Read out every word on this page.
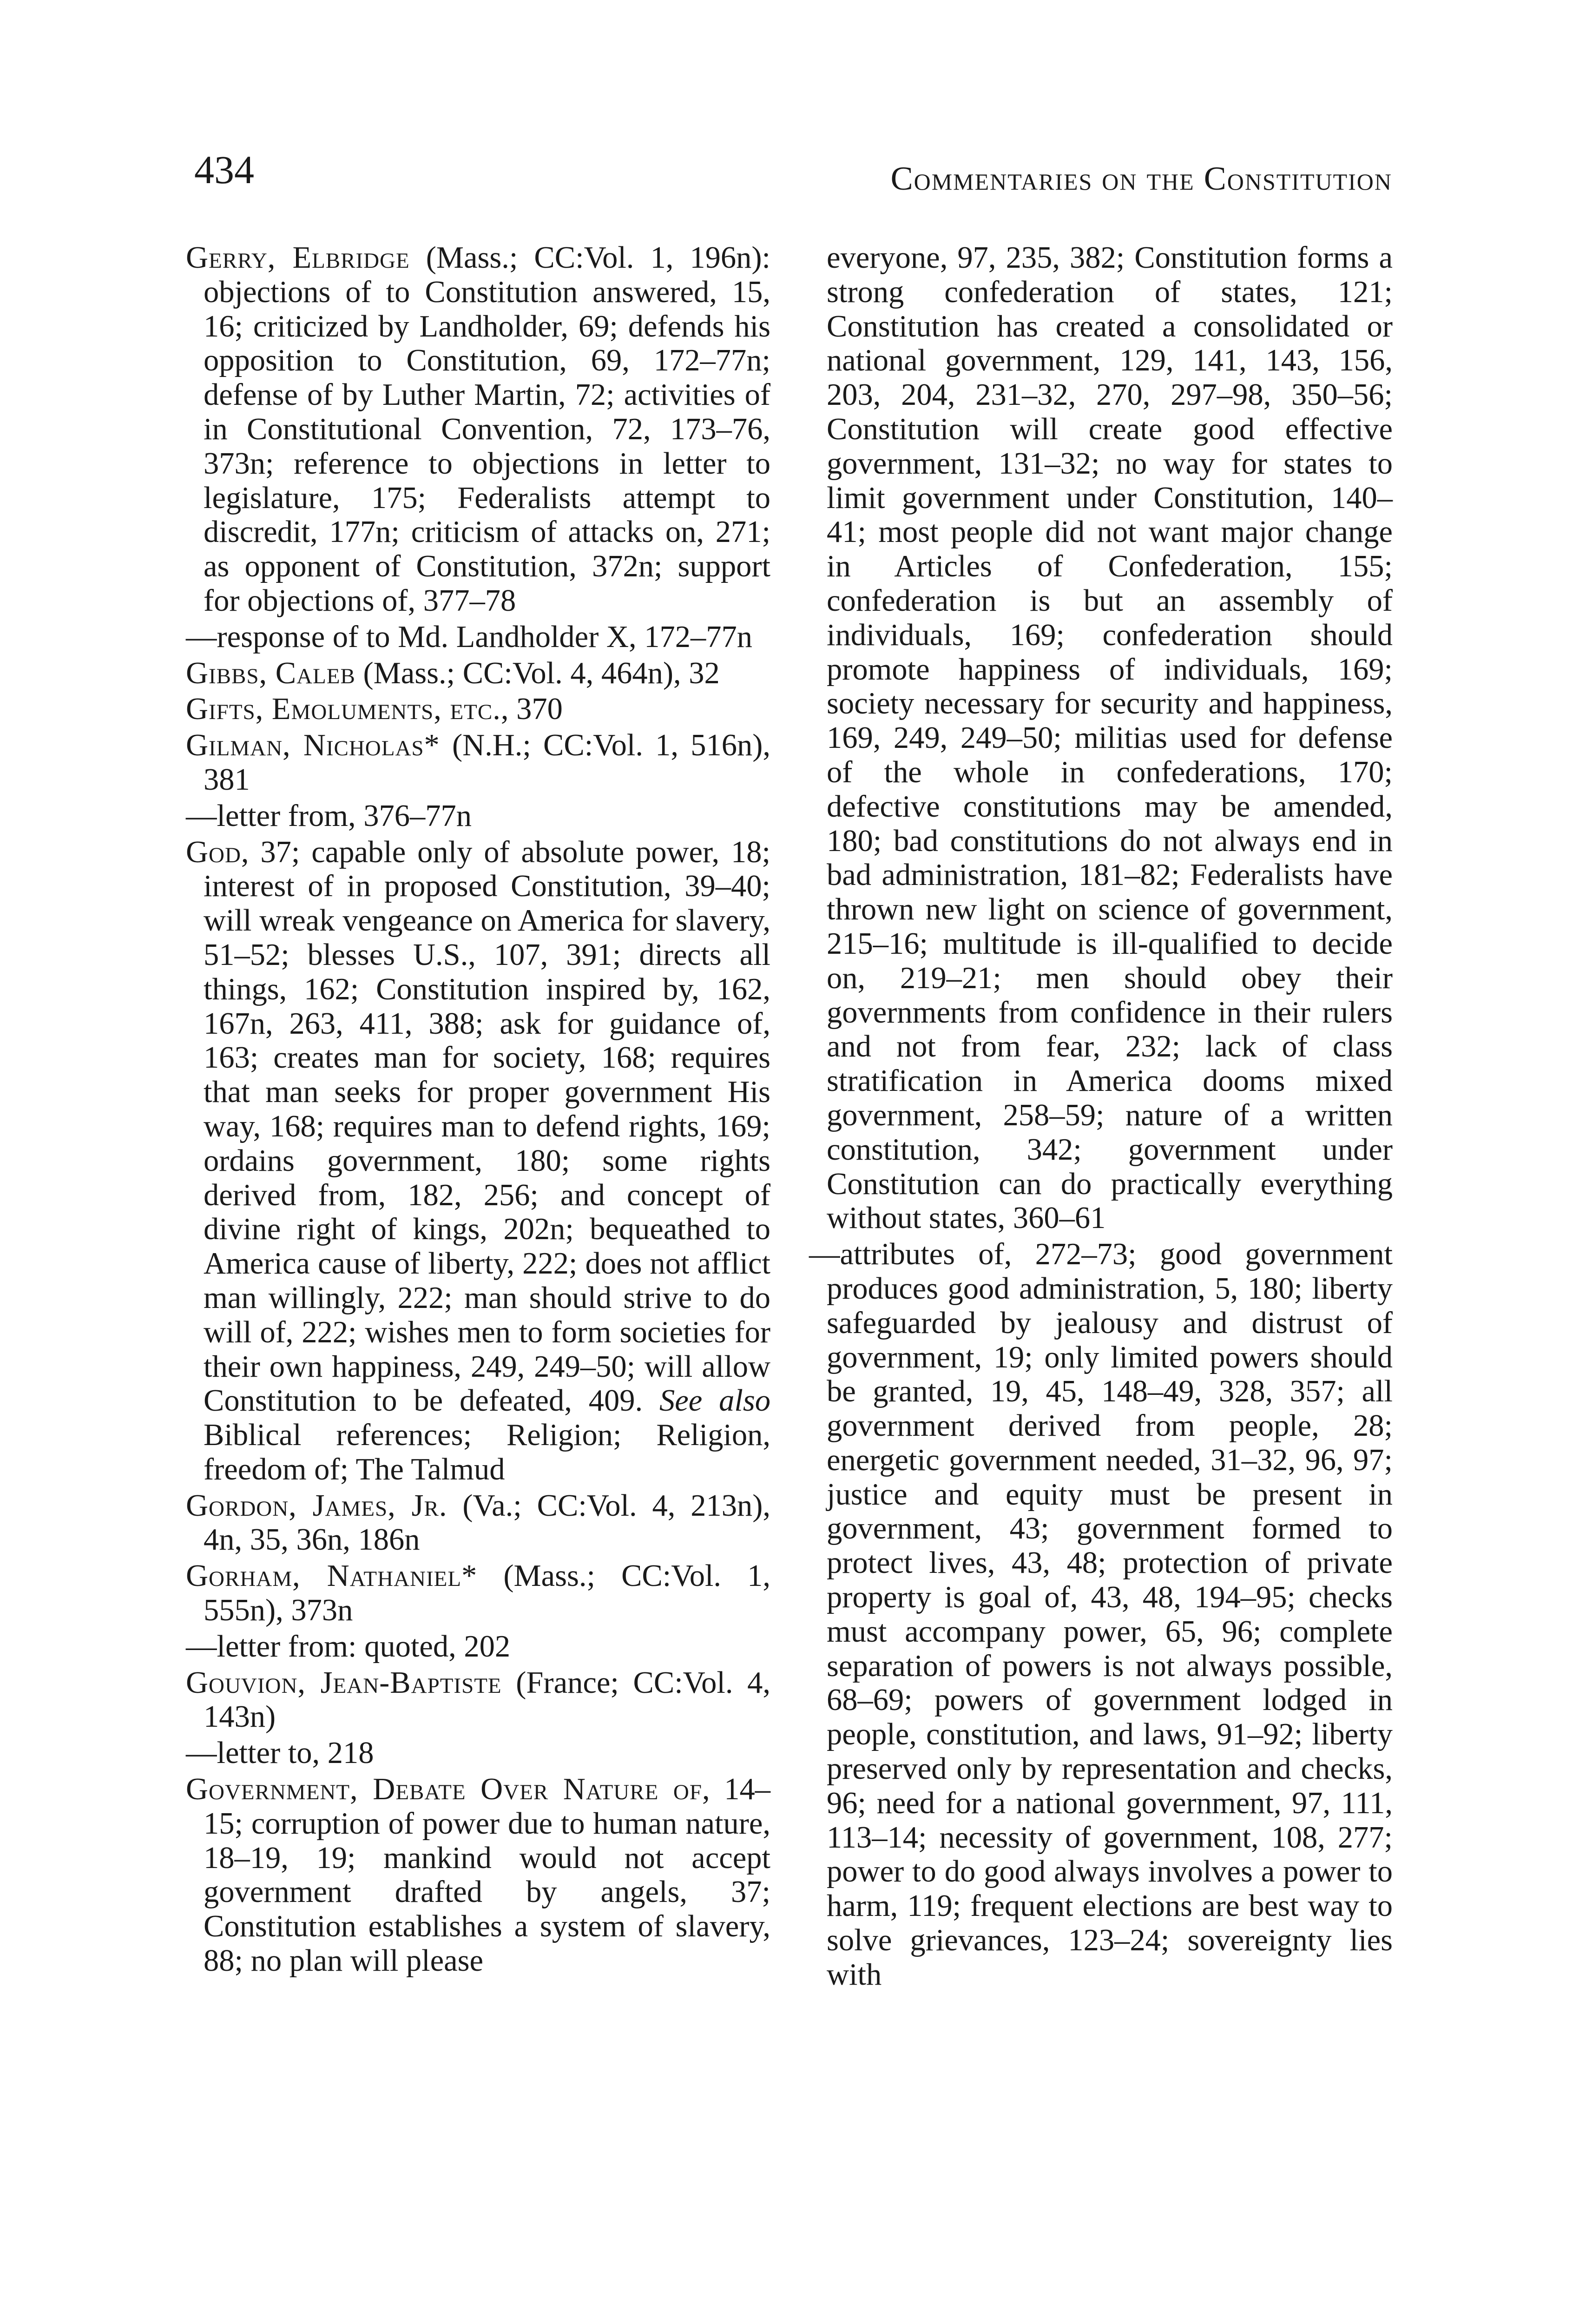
434	Commentaries on the Constitution

Gerry, Elbridge (Mass.; CC:Vol. 1, 196n): objections of to Constitution answered, 15, 16; criticized by Landholder, 69; defends his opposition to Constitution, 69, 172–77n; defense of by Luther Martin, 72; activities of in Constitutional Convention, 72, 173–76, 373n; reference to objections in letter to legislature, 175; Federalists attempt to discredit, 177n; criticism of attacks on, 271; as opponent of Constitution, 372n; support for objections of, 377–78

—response of to Md. Landholder X, 172–77n

Gibbs, Caleb (Mass.; CC:Vol. 4, 464n), 32

Gifts, Emoluments, etc., 370

Gilman, Nicholas* (N.H.; CC:Vol. 1, 516n), 381

—letter from, 376–77n

God, 37; capable only of absolute power, 18; interest of in proposed Constitution, 39–40; will wreak vengeance on America for slavery, 51–52; blesses U.S., 107, 391; directs all things, 162; Constitution inspired by, 162, 167n, 263, 411, 388; ask for guidance of, 163; creates man for society, 168; requires that man seeks for proper government His way, 168; requires man to defend rights, 169; ordains government, 180; some rights derived from, 182, 256; and concept of divine right of kings, 202n; bequeathed to America cause of liberty, 222; does not afflict man willingly, 222; man should strive to do will of, 222; wishes men to form societies for their own happiness, 249, 249–50; will allow Constitution to be defeated, 409. See also Biblical references; Religion; Religion, freedom of; The Talmud

Gordon, James, Jr. (Va.; CC:Vol. 4, 213n), 4n, 35, 36n, 186n

Gorham, Nathaniel* (Mass.; CC:Vol. 1, 555n), 373n

—letter from: quoted, 202

Gouvion, Jean-Baptiste (France; CC:Vol. 4, 143n)

—letter to, 218

Government, Debate Over Nature of, 14–15; corruption of power due to human nature, 18–19, 19; mankind would not accept government drafted by angels, 37; Constitution establishes a system of slavery, 88; no plan will please

everyone, 97, 235, 382; Constitution forms a strong confederation of states, 121; Constitution has created a consolidated or national government, 129, 141, 143, 156, 203, 204, 231–32, 270, 297–98, 350–56; Constitution will create good effective government, 131–32; no way for states to limit government under Constitution, 140–41; most people did not want major change in Articles of Confederation, 155; confederation is but an assembly of individuals, 169; confederation should promote happiness of individuals, 169; society necessary for security and happiness, 169, 249, 249–50; militias used for defense of the whole in confederations, 170; defective constitutions may be amended, 180; bad constitutions do not always end in bad administration, 181–82; Federalists have thrown new light on science of government, 215–16; multitude is ill-qualified to decide on, 219–21; men should obey their governments from confidence in their rulers and not from fear, 232; lack of class stratification in America dooms mixed government, 258–59; nature of a written constitution, 342; government under Constitution can do practically everything without states, 360–61

—attributes of, 272–73; good government produces good administration, 5, 180; liberty safeguarded by jealousy and distrust of government, 19; only limited powers should be granted, 19, 45, 148–49, 328, 357; all government derived from people, 28; energetic government needed, 31–32, 96, 97; justice and equity must be present in government, 43; government formed to protect lives, 43, 48; protection of private property is goal of, 43, 48, 194–95; checks must accompany power, 65, 96; complete separation of powers is not always possible, 68–69; powers of government lodged in people, constitution, and laws, 91–92; liberty preserved only by representation and checks, 96; need for a national government, 97, 111, 113–14; necessity of government, 108, 277; power to do good always involves a power to harm, 119; frequent elections are best way to solve grievances, 123–24; sovereignty lies with
